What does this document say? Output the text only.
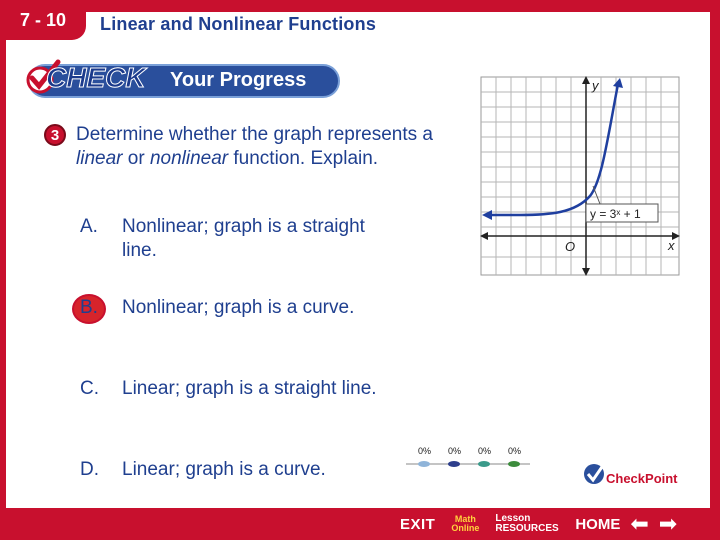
7 - 10	Linear and Nonlinear Functions
CHECK Your Progress
3 Determine whether the graph represents a linear or nonlinear function. Explain.
A. Nonlinear; graph is a straight line.
B. Nonlinear; graph is a curve.
C. Linear; graph is a straight line.
D. Linear; graph is a curve.
y
x
O
y = 3ˣ + 1
0% 0% 0% 0%
CheckPoint
EXIT	Math
Online
Lesson
RESOURCES	HOME ⬅ ➡
